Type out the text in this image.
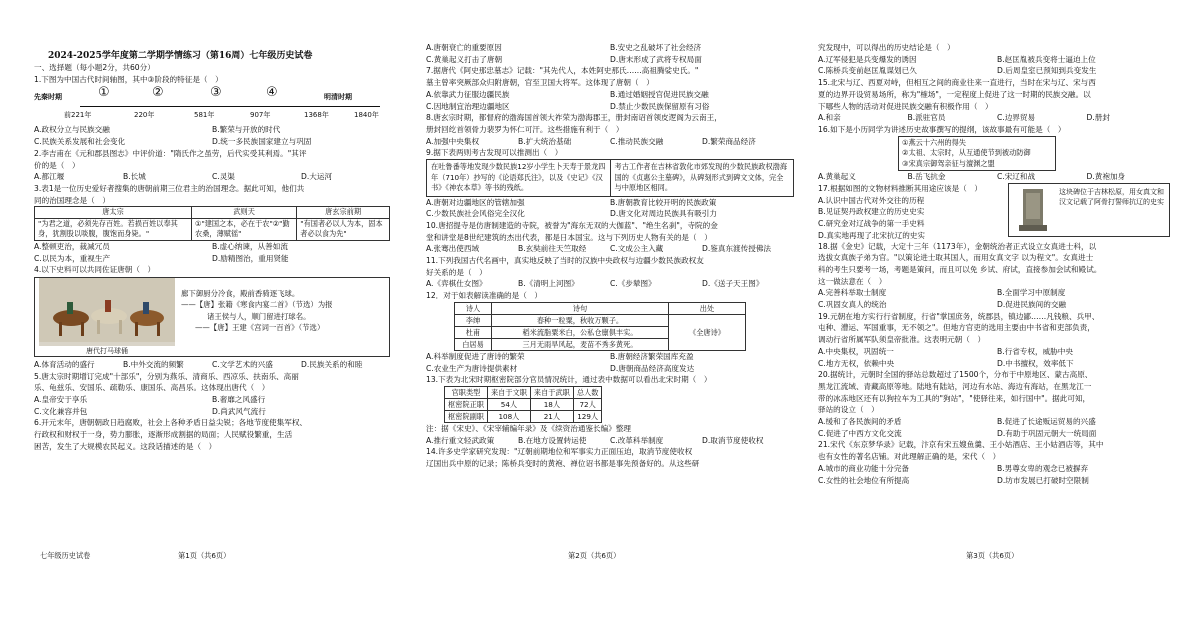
2024-2025学年度第二学期学情练习（第16周）七年级历史试卷
一、选择题（每小题2分，共60分）
1.下图为中国古代时间轴图，其中③阶段的特征是（　）
先秦时期	明清时期
①	②	③	④
前221年	220年	581年	907年	1368年	1840年
A.政权分立与民族交融	B.繁荣与开放的时代
C.民族关系发展和社会变化	D.统一多民族国家建立与巩固
2.李吉甫在《元和郡县图志》中评价道："隋氏作之虽劳，后代实受其利焉。"其评
价的是（　）
A.都江堰	B.长城	C.灵渠	D.大运河
3.表1是一位历史爱好者搜集的唐朝前期三位君主的治国理念。据此可知，他们共
同的治国理念是（　）
唐太宗	武则天	唐玄宗前期
"为君之道，必须先存百姓。若损百姓以奉其身，犹割股以啖腹，腹饱而身毙。"	①"建国之本，必在于农"②"勤农桑，薄赋徭"	"有国者必以人为本，固本者必以食为先"
A.整顿吏治，裁减冗员	B.虚心纳谏，从善如流
C.以民为本，重视生产	D.励精图治，重用贤能
4.以下史料可以共同佐证唐朝（　）
唐代打马球俑
廊下御厨分冷食，殿前香骑逐飞球。
——【唐】张籍《寒食内宴二首》（节选）为报
诸王侯与人，顺门留进打球名。
——【唐】王建《宫词一百首》（节选）
A.体育活动的盛行	B.中外交流的频繁	C.文学艺术的兴盛	D.民族关系的和睦
5.唐太宗时期增订完成"十部乐"，分别为燕乐、清商乐、西凉乐、扶南乐、高丽
乐、龟兹乐、安国乐、疏勒乐、康国乐、高昌乐。这体现出唐代（　）
A.皇帝安于享乐	B.奢靡之风盛行
C.文化兼容并包	D.尚武风气流行
6.开元末年，唐朝朝政日趋腐败，社会上各种矛盾日益尖锐；各地节度使集军权、
行政权和财权于一身，势力膨胀，逐渐形成割据的局面；人民赋役繁重，生活
困苦，发生了大规模农民起义。这段话描述的是（　）
A.唐朝衰亡的重要原因	B.安史之乱破坏了社会经济
C.黄巢起义打击了唐朝	D.唐末形成了武将专权局面
7.据唐代《阿史那忠墓志》记载："其先代人，本姓阿史那氏……高祖腾娑史氏。"
墓主曾率突厥部众归附唐朝，官至卫国大将军。这体现了唐朝（　）
A.依靠武力征服边疆民族	B.通过婚姻授官促进民族交融
C.因地制宜治理边疆地区	D.禁止少数民族保留原有习俗
8.唐玄宗时期，都督府的渤海国首领大祚荣为渤海郡王，册封南诏首领皮逻阁为云南王，
册封回纥首领骨力裴罗为怀仁可汗。这些措施有利于（　）
A.加强中央集权	B.扩大统治基础	C.推动民族交融	D.繁荣商品经济
9.据下表两则考古发现可以推测出（　）
在吐鲁番等地发现少数民族12岁小学生卜天寿于景龙四年（710年）抄写的《论语郑氏注》，以及《史记》《汉书》《神农本草》等书的残纸。
考古工作者在吉林省敦化市郊发现的少数民族政权渤海国的《贞惠公主墓碑》，从碑刻形式到碑文文体，完全与中原地区相同。
A.唐朝对边疆地区的管辖加强	B.唐朝教育比较开明的民族政策
C.少数民族社会风俗完全汉化	D.唐文化对周边民族具有吸引力
10.唐招提寺是仿唐制建造的寺院，被誉为"海东无双的大伽蓝"、"绝生名刹"，寺院的金
堂和讲堂是8世纪建筑的杰出代表，都是日本国宝。这与下列历史人物有关的是（　）
A.张骞出使西域	B.玄奘前往天竺取经	C.文成公主入藏	D.鉴真东渡传授佛法
11.下列我国古代名画中，真实地反映了当时的汉族中央政权与边疆少数民族政权友
好关系的是（　）
A.《弈棋仕女图》	B.《清明上河图》	C.《步辇图》	D.《送子天王图》
12．对于如表解读准确的是（　）
诗人	诗句	出处
李绅	春种一粒粟，秋收万颗子。	《全唐诗》
杜甫	稻米流脂粟米白，公私仓廪俱丰实。	
白居易	三月无雨旱风起，麦苗不秀多黄死。	
A.科举制度促进了唐诗的繁荣	B.唐朝经济繁荣国库充盈
C.农业生产为唐诗提供素材	D.唐朝商品经济高度发达
13.下表为北宋时期枢密院部分官员情况统计，通过表中数据可以看出北宋时期（　）
官职类型	来自于文职	来自于武职	总人数
枢密院正职	54人	18人	72人
枢密院副职	108人	21人	129人
注：据《宋史》、《宋宰辅编年录》及《续资治通鉴长编》整理
A.推行重文轻武政策	B.在地方设置转运使	C.改革科举制度	D.取消节度使收权
14.许多史学家研究发现："辽朝前期地位和军事实力正面压迫，取消节度使收权
辽国出兵中原的记录；陈桥兵变时的黄袍、禅位诏书都是事先预备好的。从这些研
究发现中，可以得出的历史结论是（　）
A.辽军侵犯是兵变爆发的诱因	B.赵匡胤被兵变将士逼迫上位
C.陈桥兵变前赵匡胤谋划已久	D.后周皇室已预知到兵变发生
15.北宋与辽、西夏对峙，但相互之间的商业往来一直进行，当时在宋与辽、宋与西
夏的边界开设贸易场所，称为"榷场"，一定程度上促进了这一时期的民族交融。以
下哪些人物的活动对促进民族交融有积极作用（　）
A.和亲	B.派驻官员	C.边界贸易	D.册封
16.如下是小历同学为讲述历史故事撰写的提纲，该故事最有可能是（　）
①燕云十六州的得失
②太祖、太宗时，从互通使节到被动防御
③宋真宗御驾亲征与澶渊之盟
A.黄巢起义	B.岳飞抗金	C.宋辽和战	D.黄袍加身
17.根据如图的文物材料推断其用途应该是（　）
A.认识中国古代对外交往的历程
B.见证契丹政权建立的历史史实
C.研究金对辽战争的第一手史料
D.真实地再现了北宋抗辽的史实
这块碑位于吉林松原，用女真文和汉文记载了阿骨打誓师抗辽的史实
18.据《金史》记载，大定十三年（1173年），金朝统治者正式设立女真进士科，以
选拔女真族子弟为官。"以策论进士取其国人，而用女真文字 以为程文"。女真进士
科的考生只要考一场，考题是策问，而且可以免 乡试、府试，直接参加会试和殿试。
这一做法意在（　）
A.完善科举取士制度	B.全面学习中原制度
C.巩固女真人的统治	D.促进民族间的交融
19.元朝在地方实行行省制度，行省"掌国庶务，统郡县，镇边鄙……凡钱粮、兵甲、
屯种、漕运、军国重事，无不领之"。但地方官吏的选用主要由中书省和吏部负责，
调动行省所属军队须皇帝批准。这表明元朝（　）
A.中央集权，巩固统一	B.行省专权，威胁中央
C.地方无权，依赖中央	D.中书擅权，效率低下
20.据统计，元朝时全国的驿站总数超过了1500个，分布于中原地区、蒙古高原、
黑龙江流域、青藏高原等地。陆地有陆站，河边有水站、海边有海站，在黑龙江一
带的冰冻地区还有以狗拉车为工具的"狗站"，"使驿往来，如行国中"。据此可知，
驿站的设立（　）
A.缓和了各民族间的矛盾	B.促进了长途贩运贸易的兴盛
C.促进了中西方文化交流	D.有助于巩固元朝大一统局面
21.宋代《东京梦华录》记载，汴京有宋五嫂鱼羹、王小姑酒店、王小姑酒店等，其中
也有女性的著名店铺。对此理解正确的是，宋代（　）
A.城市的商业功能十分完备	B.男尊女卑的观念已被摒弃
C.女性的社会地位有所提高	D.坊市发展已打破时空限制
七年级历史试卷	第1页（共6页）	第2页（共6页）	第3页（共6页）
